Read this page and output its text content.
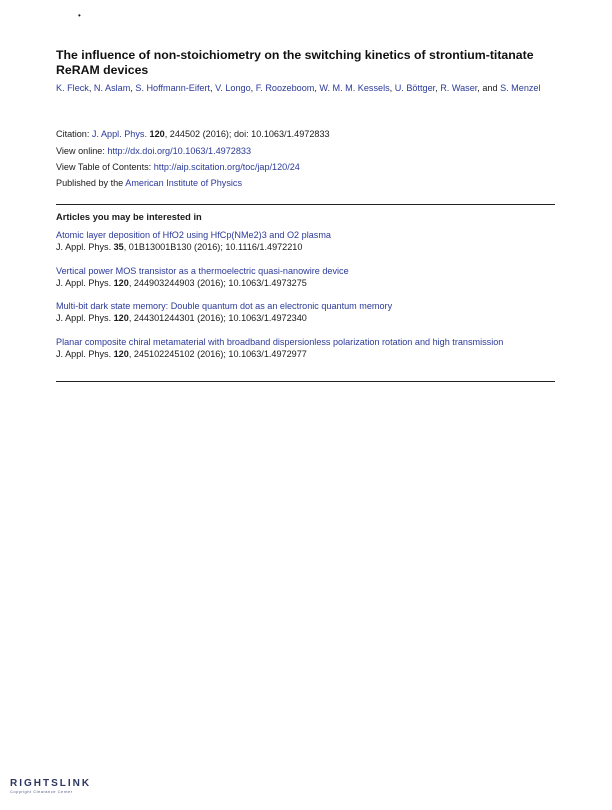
•
The influence of non-stoichiometry on the switching kinetics of strontium-titanate ReRAM devices
K. Fleck, N. Aslam, S. Hoffmann-Eifert, V. Longo, F. Roozeboom, W. M. M. Kessels, U. Böttger, R. Waser, and S. Menzel
Citation: J. Appl. Phys. 120, 244502 (2016); doi: 10.1063/1.4972833
View online: http://dx.doi.org/10.1063/1.4972833
View Table of Contents: http://aip.scitation.org/toc/jap/120/24
Published by the American Institute of Physics
Articles you may be interested in
Atomic layer deposition of HfO2 using HfCp(NMe2)3 and O2 plasma
J. Appl. Phys. 35, 01B13001B130 (2016); 10.1116/1.4972210
Vertical power MOS transistor as a thermoelectric quasi-nanowire device
J. Appl. Phys. 120, 244903244903 (2016); 10.1063/1.4973275
Multi-bit dark state memory: Double quantum dot as an electronic quantum memory
J. Appl. Phys. 120, 244301244301 (2016); 10.1063/1.4972340
Planar composite chiral metamaterial with broadband dispersionless polarization rotation and high transmission
J. Appl. Phys. 120, 245102245102 (2016); 10.1063/1.4972977
RIGHTSLINK
Copyright Clearance Center
